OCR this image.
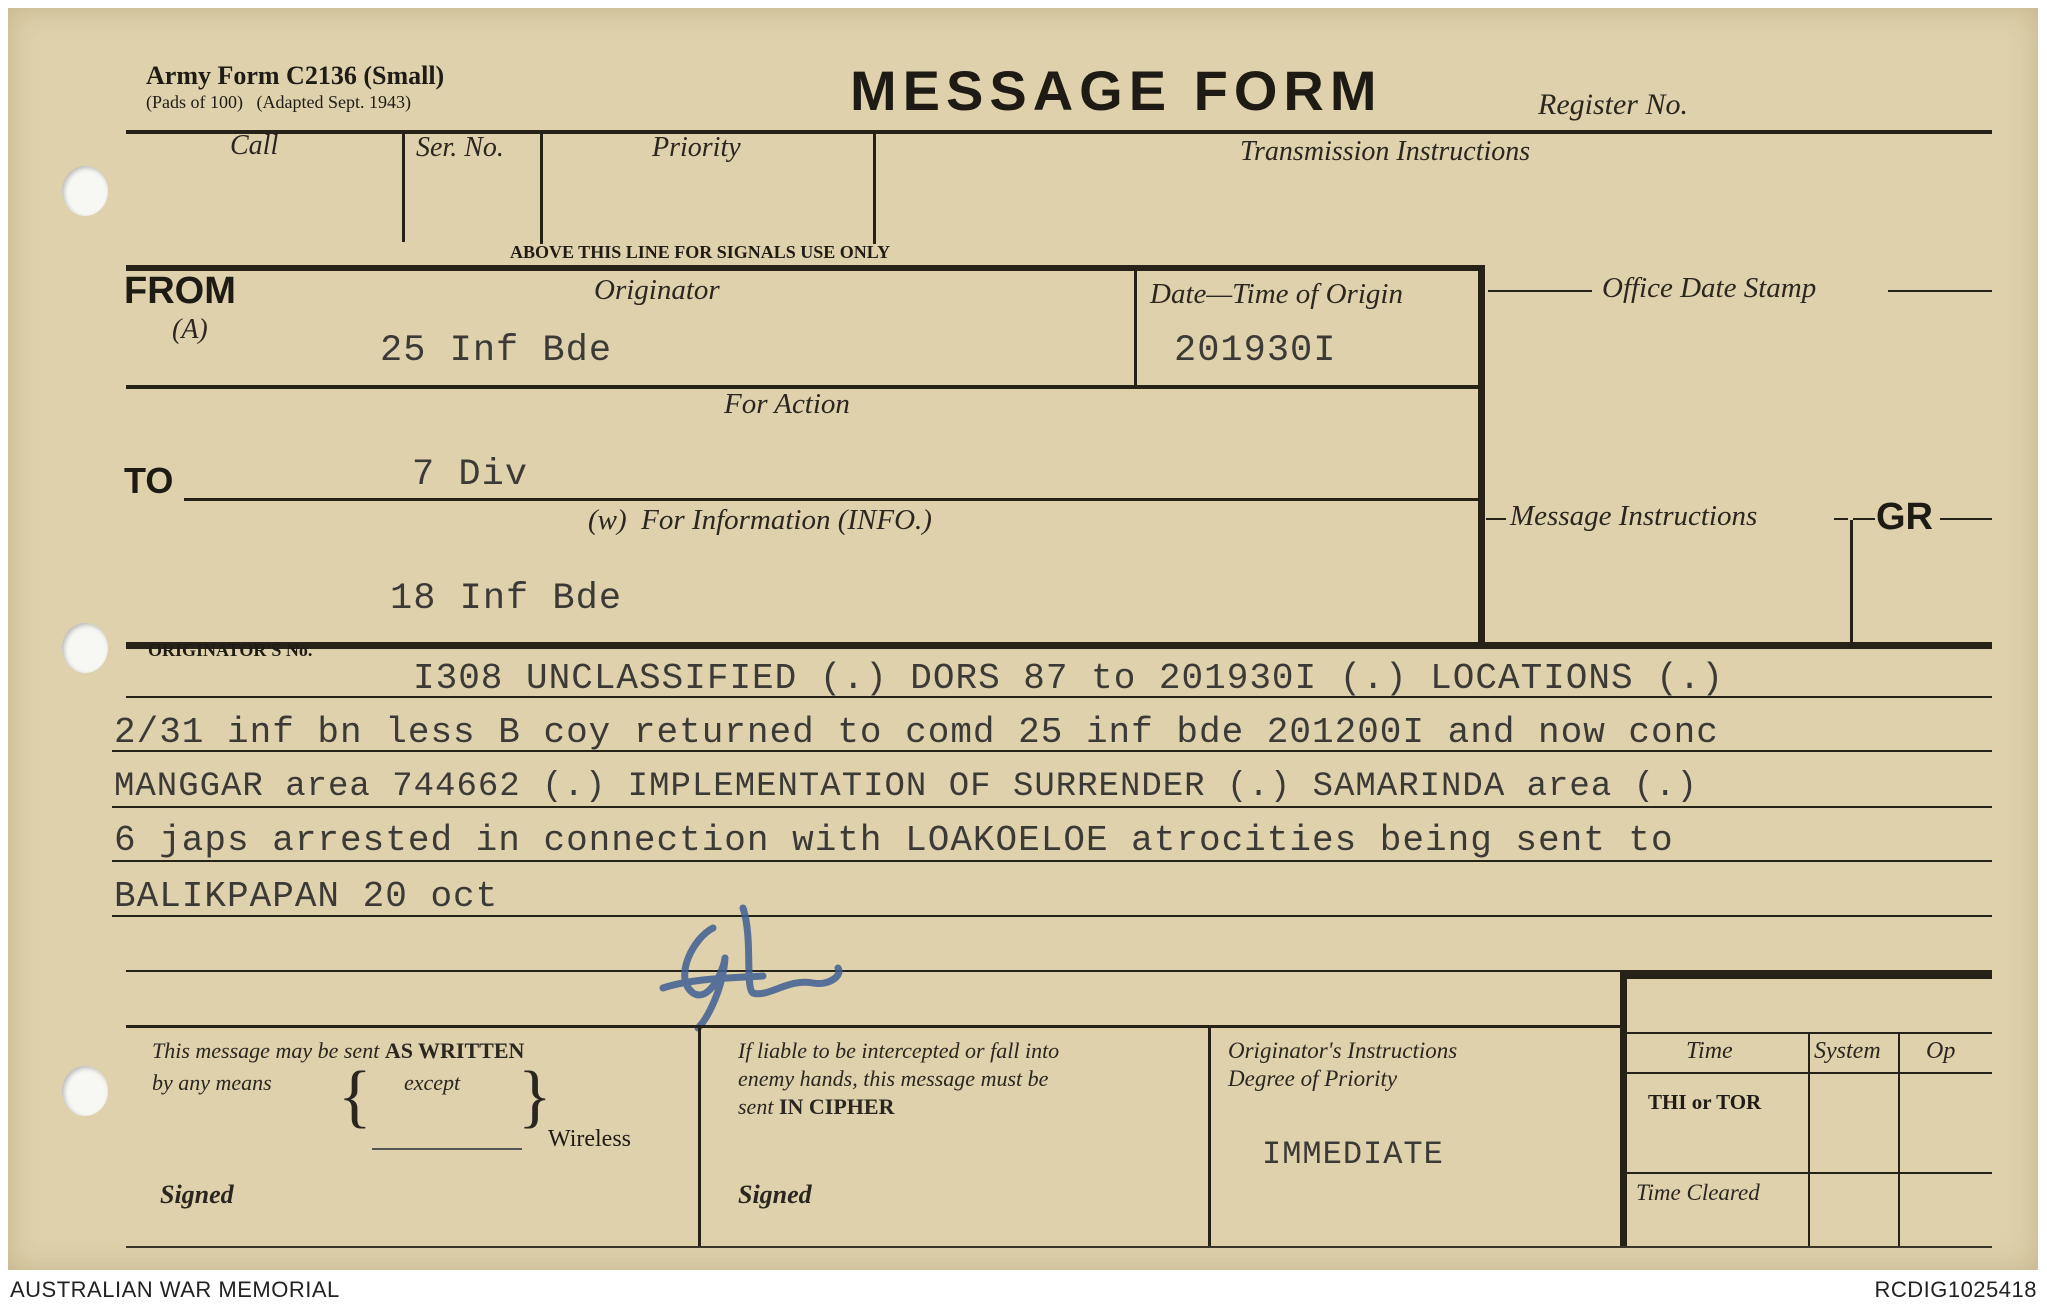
Army Form C2136 (Small)
(Pads of 100)   (Adapted Sept. 1943)	MESSAGE FORM	Register No.
Call	Ser. No.	Priority	Transmission Instructions
ABOVE THIS LINE FOR SIGNALS USE ONLY
FROM
(A)
Originator
25 Inf Bde
Date—Time of Origin
201930I
Office Date Stamp
For Action
TO	7 Div
(w)  For Information (INFO.)
18 Inf Bde
Message Instructions	GR
ORIGINATOR'S No.
I308 UNCLASSIFIED (.) DORS 87 to 201930I (.) LOCATIONS (.)
2/31 inf bn less B coy returned to comd 25 inf bde 201200I and now conc
MANGGAR area 744662 (.) IMPLEMENTATION OF SURRENDER (.) SAMARINDA area (.)
6 japs arrested in connection with LOAKOELOE atrocities being sent to
BALIKPAPAN 20 oct
This message may be sent AS WRITTEN
by any means { except }
Wireless
Signed
If liable to be intercepted or fall into
enemy hands, this message must be
sent IN CIPHER
Signed
Originator's Instructions
Degree of Priority
IMMEDIATE
Time	System Op
THI or TOR
Time Cleared
AUSTRALIAN WAR MEMORIAL	RCDIG1025418
